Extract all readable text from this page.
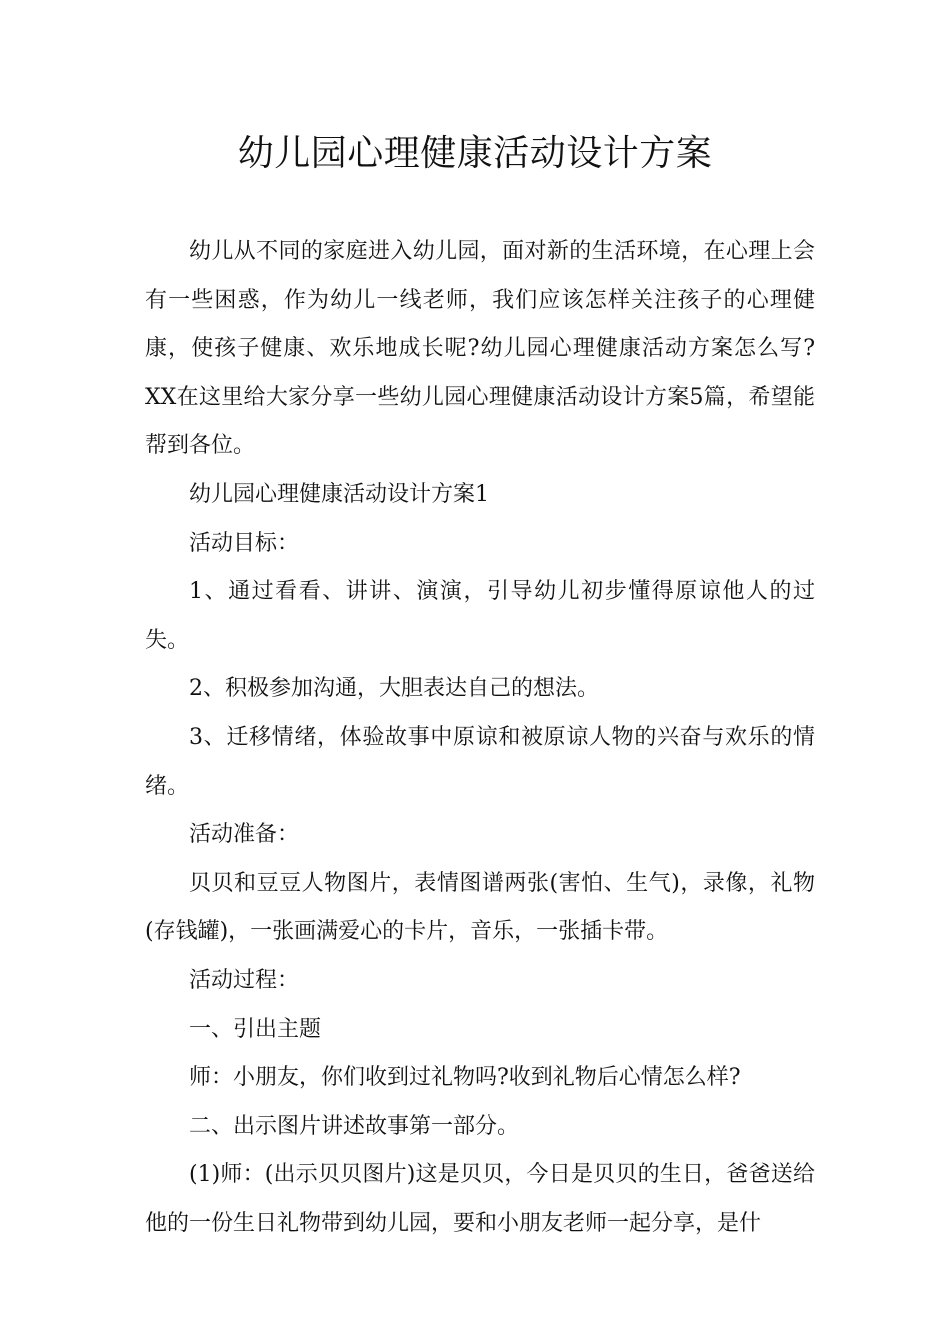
幼儿园心理健康活动设计方案

幼儿从不同的家庭进入幼儿园，面对新的生活环境，在心理上会有一些困惑，作为幼儿一线老师，我们应该怎样关注孩子的心理健康，使孩子健康、欢乐地成长呢?幼儿园心理健康活动方案怎么写?XX在这里给大家分享一些幼儿园心理健康活动设计方案5篇，希望能帮到各位。

幼儿园心理健康活动设计方案1

活动目标：

1、通过看看、讲讲、演演，引导幼儿初步懂得原谅他人的过失。

2、积极参加沟通，大胆表达自己的想法。

3、迁移情绪，体验故事中原谅和被原谅人物的兴奋与欢乐的情绪。

活动准备：

贝贝和豆豆人物图片，表情图谱两张(害怕、生气)，录像，礼物(存钱罐)，一张画满爱心的卡片，音乐，一张插卡带。

活动过程：

一、引出主题

师：小朋友，你们收到过礼物吗?收到礼物后心情怎么样?

二、出示图片讲述故事第一部分。

(1)师：(出示贝贝图片)这是贝贝，今日是贝贝的生日，爸爸送给他的一份生日礼物带到幼儿园，要和小朋友老师一起分享，是什
